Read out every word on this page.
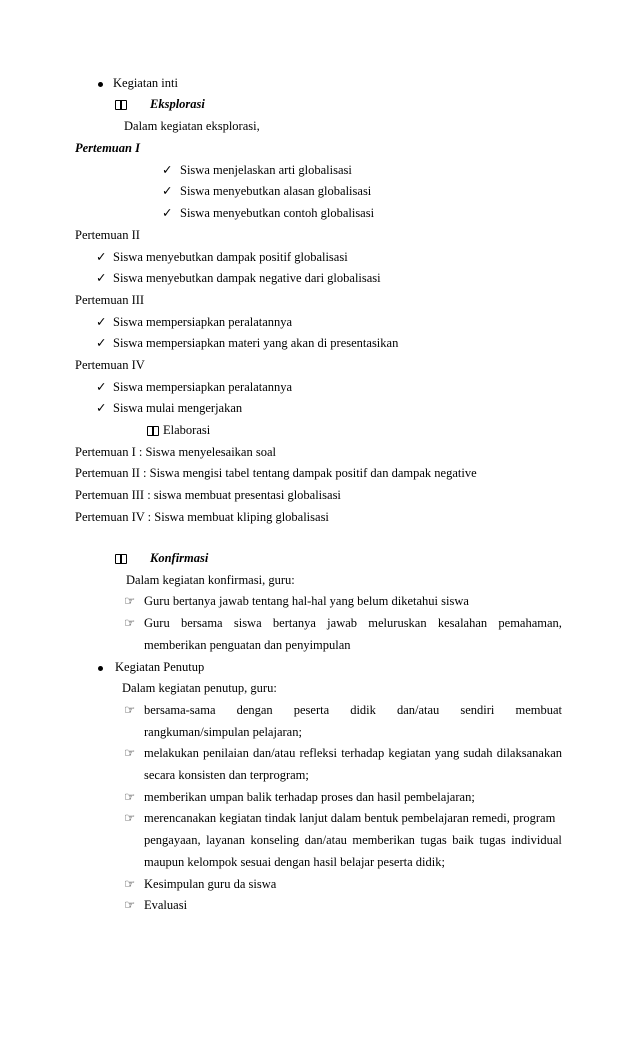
Kegiatan inti
Eksplorasi
Dalam kegiatan eksplorasi,
Pertemuan I
✓ Siswa menjelaskan arti globalisasi
✓ Siswa menyebutkan alasan globalisasi
✓ Siswa menyebutkan contoh globalisasi
Pertemuan II
✓ Siswa menyebutkan dampak positif globalisasi
✓ Siswa menyebutkan dampak negative dari globalisasi
Pertemuan III
✓ Siswa mempersiapkan peralatannya
✓ Siswa mempersiapkan materi yang akan di presentasikan
Pertemuan IV
✓ Siswa mempersiapkan peralatannya
✓ Siswa mulai mengerjakan
Elaborasi
Pertemuan I : Siswa menyelesaikan soal
Pertemuan II : Siswa mengisi tabel tentang dampak positif dan dampak negative
Pertemuan III : siswa membuat presentasi globalisasi
Pertemuan IV : Siswa membuat kliping globalisasi
Konfirmasi
Dalam kegiatan konfirmasi, guru:
☞ Guru bertanya jawab tentang hal-hal yang belum diketahui siswa
☞ Guru bersama siswa bertanya jawab meluruskan kesalahan pemahaman,
memberikan penguatan dan penyimpulan
Kegiatan Penutup
Dalam kegiatan penutup, guru:
☞ bersama-sama dengan peserta didik dan/atau sendiri membuat
rangkuman/simpulan pelajaran;
☞ melakukan penilaian dan/atau refleksi terhadap kegiatan yang sudah dilaksanakan
secara konsisten dan terprogram;
☞ memberikan umpan balik terhadap proses dan hasil pembelajaran;
☞ merencanakan kegiatan tindak lanjut dalam bentuk pembelajaran remedi, program
pengayaan, layanan konseling dan/atau memberikan tugas baik tugas individual
maupun kelompok sesuai dengan hasil belajar peserta didik;
☞ Kesimpulan guru da siswa
☞ Evaluasi
